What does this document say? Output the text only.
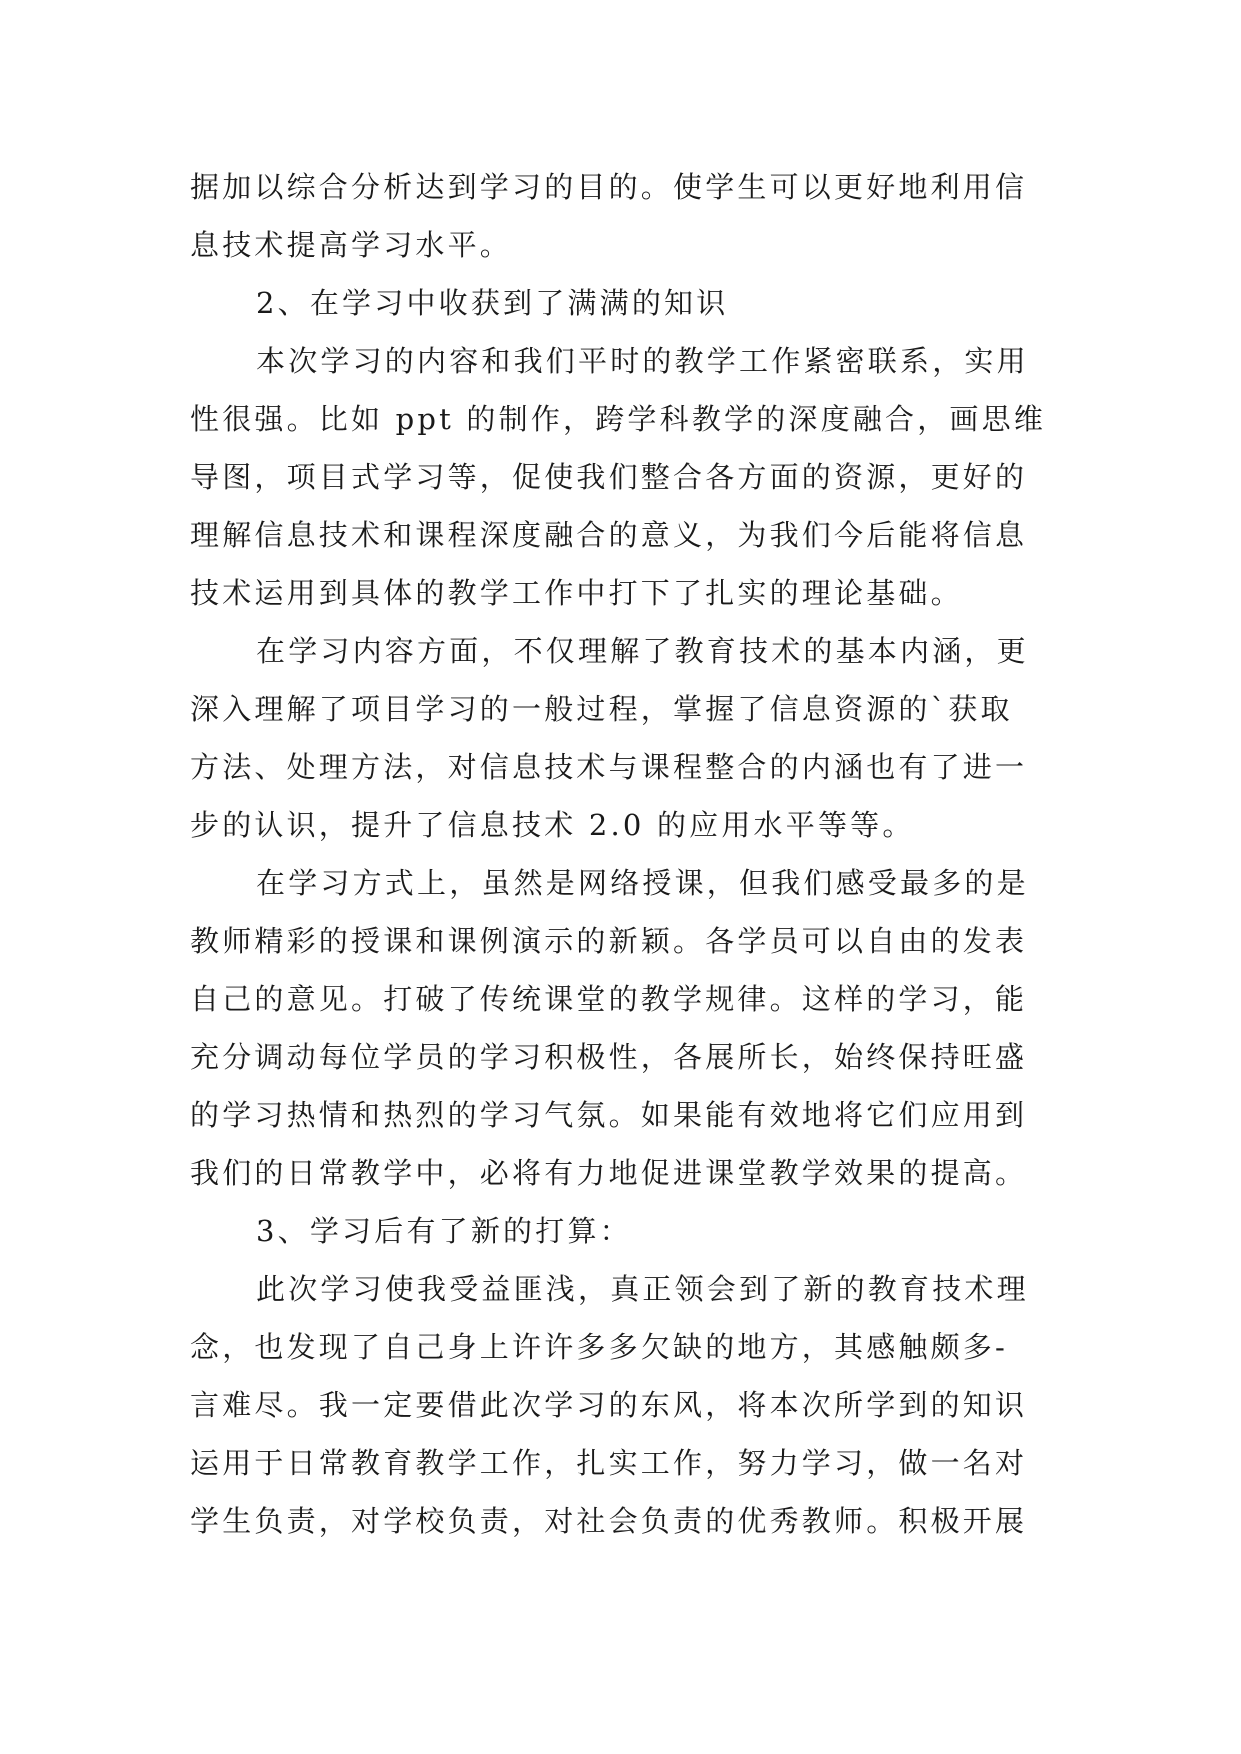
据加以综合分析达到学习的目的。使学生可以更好地利用信
息技术提高学习水平。
2、在学习中收获到了满满的知识
本次学习的内容和我们平时的教学工作紧密联系，实用
性很强。比如 ppt 的制作，跨学科教学的深度融合，画思维
导图，项目式学习等，促使我们整合各方面的资源，更好的
理解信息技术和课程深度融合的意义，为我们今后能将信息
技术运用到具体的教学工作中打下了扎实的理论基础。
在学习内容方面，不仅理解了教育技术的基本内涵，更
深入理解了项目学习的一般过程，掌握了信息资源的`获取
方法、处理方法，对信息技术与课程整合的内涵也有了进一
步的认识，提升了信息技术 2.0 的应用水平等等。
在学习方式上，虽然是网络授课，但我们感受最多的是
教师精彩的授课和课例演示的新颖。各学员可以自由的发表
自己的意见。打破了传统课堂的教学规律。这样的学习，能
充分调动每位学员的学习积极性，各展所长，始终保持旺盛
的学习热情和热烈的学习气氛。如果能有效地将它们应用到
我们的日常教学中，必将有力地促进课堂教学效果的提高。
3、学习后有了新的打算：
此次学习使我受益匪浅，真正领会到了新的教育技术理
念，也发现了自己身上许许多多欠缺的地方，其感触颇多-
言难尽。我一定要借此次学习的东风，将本次所学到的知识
运用于日常教育教学工作，扎实工作，努力学习，做一名对
学生负责，对学校负责，对社会负责的优秀教师。积极开展
